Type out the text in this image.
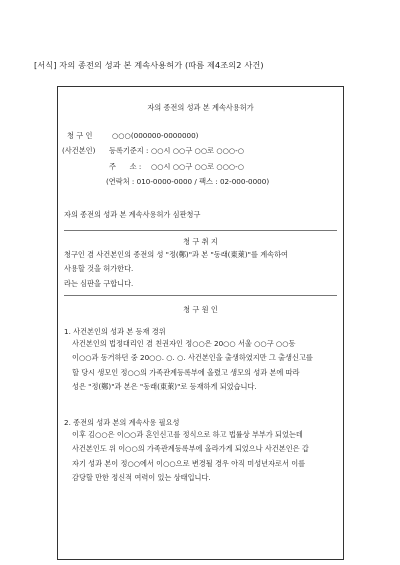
[서식] 자의 종전의 성과 본 계속사용허가 (따름 제4조의2 사건)
자의 종전의 성과 본 계속사용허가
청 구 인	○○○(000000-0000000)
(사건본인) 등록기준지 : ○○시 ○○구 ○○로 ○○○-○
주      소 : ○○시 ○○구 ○○로 ○○○-○
(연락처 : 010-0000-0000 / 팩스 : 02-000-0000)
자의 종전의 성과 본 계속사용허가 심판청구
청 구 취 지
청구인 겸 사건본인의 종전의 성 "정(鄭)"과 본 "동래(東萊)"를 계속하여
사용할 것을 허가한다.
라는 심판을 구합니다.
청 구 원 인
1. 사건본인의 성과 본 등재 경위
사건본인의 법정대리인 겸 친권자인 정○○은 20○○ 서울 ○○구 ○○동
이○○과 동거하던 중 20○○. ○. ○. 사건본인을 출생하였지만 그 출생신고를
할 당시 생모인 정○○의 가족관계등록부에 올렸고 생모의 성과 본에 따라
성은 "정(鄭)"과 본은 "동래(東萊)"로 등재하게 되었습니다.
2. 종전의 성과 본의 계속사용 필요성
이후 김○○은 이○○과 혼인신고를 정식으로 하고 법률상 부부가 되었는데
사건본인도 위 이○○의 가족관계등록부에 올라가게 되었으나 사건본인은 갑
자기 성과 본이 정○○에서 이○○으로 변경될 경우 아직 미성년자로서 이를
감당할 만한 정신적 여력이 있는 상태입니다.
